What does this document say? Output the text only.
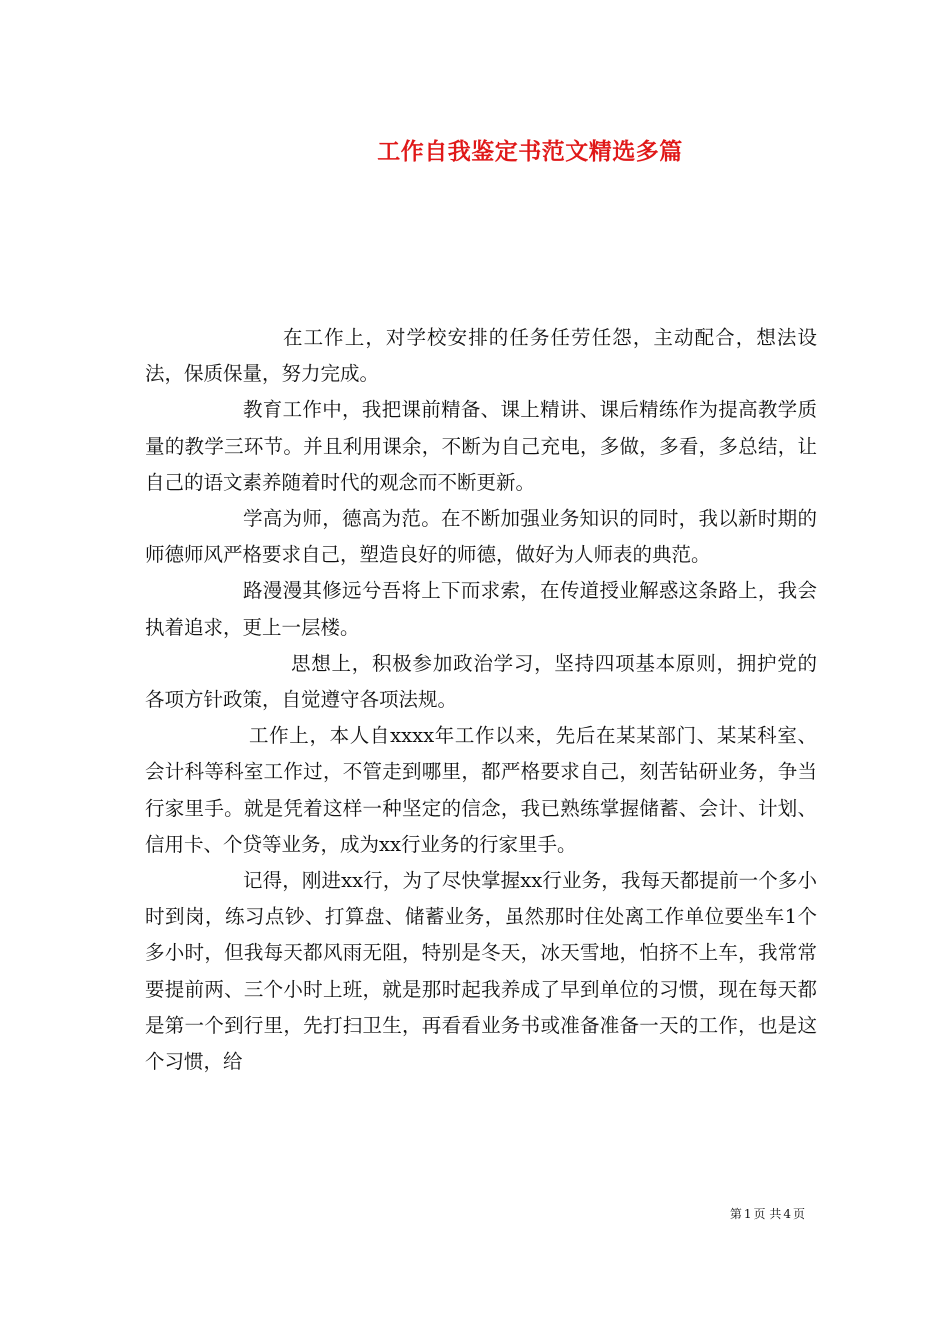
工作自我鉴定书范文精选多篇

在工作上，对学校安排的任务任劳任怨，主动配合，想法设法，保质保量，努力完成。

教育工作中，我把课前精备、课上精讲、课后精练作为提高教学质量的教学三环节。并且利用课余，不断为自己充电，多做，多看，多总结，让自己的语文素养随着时代的观念而不断更新。

学高为师，德高为范。在不断加强业务知识的同时，我以新时期的师德师风严格要求自己，塑造良好的师德，做好为人师表的典范。

路漫漫其修远兮吾将上下而求索，在传道授业解惑这条路上，我会执着追求，更上一层楼。

思想上，积极参加政治学习，坚持四项基本原则，拥护党的各项方针政策，自觉遵守各项法规。

工作上，本人自xxxx年工作以来，先后在某某部门、某某科室、会计科等科室工作过，不管走到哪里，都严格要求自己，刻苦钻研业务，争当行家里手。就是凭着这样一种坚定的信念，我已熟练掌握储蓄、会计、计划、信用卡、个贷等业务，成为xx行业务的行家里手。

记得，刚进xx行，为了尽快掌握xx行业务，我每天都提前一个多小时到岗，练习点钞、打算盘、储蓄业务，虽然那时住处离工作单位要坐车1个多小时，但我每天都风雨无阻，特别是冬天，冰天雪地，怕挤不上车，我常常要提前两、三个小时上班，就是那时起我养成了早到单位的习惯，现在每天都是第一个到行里，先打扫卫生，再看看业务书或准备准备一天的工作，也是这个习惯，给

第 1 页 共 4 页
